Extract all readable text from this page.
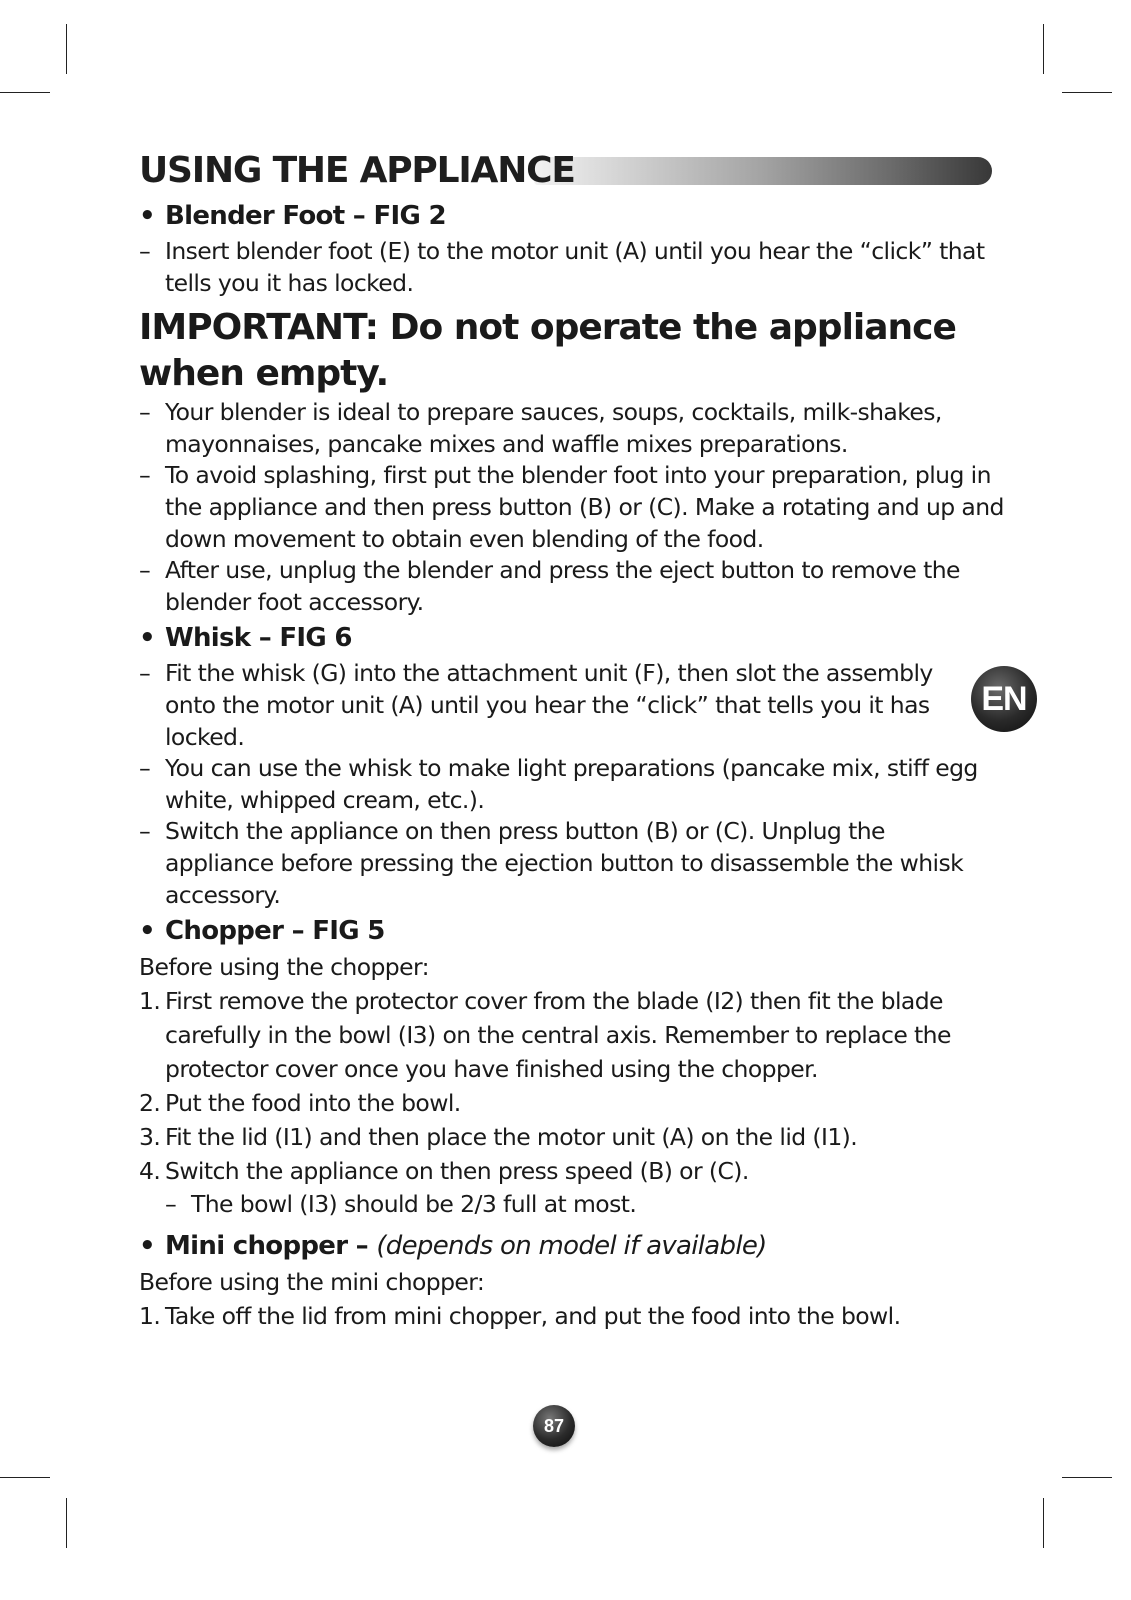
USING THE APPLIANCE
• Blender Foot – FIG 2
– Insert blender foot (E) to the motor unit (A) until you hear the “click” that tells you it has locked.
IMPORTANT: Do not operate the appliance when empty.
– Your blender is ideal to prepare sauces, soups, cocktails, milk-shakes, mayonnaises, pancake mixes and waffle mixes preparations.
– To avoid splashing, first put the blender foot into your preparation, plug in the appliance and then press button (B) or (C). Make a rotating and up and down movement to obtain even blending of the food.
– After use, unplug the blender and press the eject button to remove the blender foot accessory.
• Whisk – FIG 6
– Fit the whisk (G) into the attachment unit (F), then slot the assembly onto the motor unit (A) until you hear the “click” that tells you it has locked.
– You can use the whisk to make light preparations (pancake mix, stiff egg white, whipped cream, etc.).
– Switch the appliance on then press button (B) or (C). Unplug the appliance before pressing the ejection button to disassemble the whisk accessory.
• Chopper – FIG 5
Before using the chopper:
1. First remove the protector cover from the blade (I2) then fit the blade carefully in the bowl (I3) on the central axis. Remember to replace the protector cover once you have finished using the chopper.
2. Put the food into the bowl.
3. Fit the lid (I1) and then place the motor unit (A) on the lid (I1).
4. Switch the appliance on then press speed (B) or (C).
– The bowl (I3) should be 2/3 full at most.
• Mini chopper – (depends on model if available)
Before using the mini chopper:
1. Take off the lid from mini chopper, and put the food into the bowl.
EN
87
